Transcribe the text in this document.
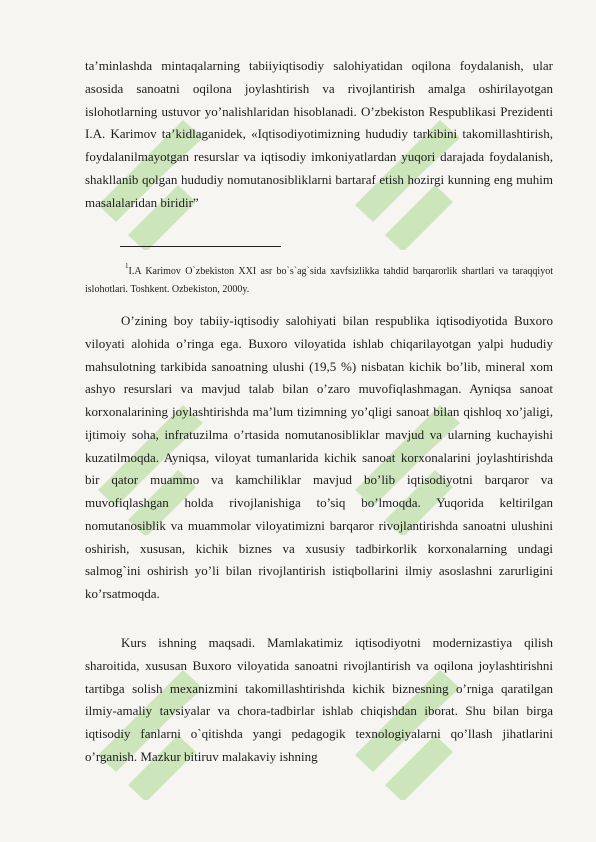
ta’minlashda mintaqalarning tabiiyiqtisodiy salohiyatidan oqilona foydalanish, ular asosida sanoatni oqilona joylashtirish va rivojlantirish amalga oshirilayotgan islohotlarning ustuvor yo’nalishlaridan hisoblanadi. O’zbekiston Respublikasi Prezidenti I.A. Karimov ta’kidlaganidek, «Iqtisodiyotimizning hududiy tarkibini takomillashtirish, foydalanilmayotgan resurslar va iqtisodiy imkoniyatlardan yuqori darajada foydalanish, shakllanib qolgan hududiy nomutanosibliklarni bartaraf etish hozirgi kunning eng muhim masalalaridan biridir”

$^1$I.A Karimov O`zbekiston XXI asr bo`s`ag`sida xavfsizlikka tahdid barqarorlik shartlari va taraqqiyot islohotlari. Toshkent. Ozbekiston, 2000y.

O’zining boy tabiiy-iqtisodiy salohiyati bilan respublika iqtisodiyotida Buxoro viloyati alohida o’ringa ega. Buxoro viloyatida ishlab chiqarilayotgan yalpi hududiy mahsulotning tarkibida sanoatning ulushi (19,5 %) nisbatan kichik bo’lib, mineral xom ashyo resurslari va mavjud talab bilan o’zaro muvofiqlashmagan. Ayniqsa sanoat korxonalarining joylashtirishda ma’lum tizimning yo’qligi sanoat bilan qishloq xo’jaligi, ijtimoiy soha, infratuzilma o’rtasida nomutanosibliklar mavjud va ularning kuchayishi kuzatilmoqda. Ayniqsa, viloyat tumanlarida kichik sanoat korxonalarini joylashtirishda bir qator muammo va kamchiliklar mavjud bo’lib iqtisodiyotni barqaror va muvofiqlashgan holda rivojlanishiga to’siq bo’lmoqda. Yuqorida keltirilgan nomutanosiblik va muammolar viloyatimizni barqaror rivojlantirishda sanoatni ulushini oshirish, xususan, kichik biznes va xususiy tadbirkorlik korxonalarning undagi salmog`ini oshirish yo’li bilan rivojlantirish istiqbollarini ilmiy asoslashni zarurligini ko’rsatmoqda.

Kurs ishning maqsadi. Mamlakatimiz iqtisodiyotni modernizastiya qilish sharoitida, xususan Buxoro viloyatida sanoatni rivojlantirish va oqilona joylashtirishni tartibga solish mexanizmini takomillashtirishda kichik biznesning o’rniga qaratilgan ilmiy-amaliy tavsiyalar va chora-tadbirlar ishlab chiqishdan iborat. Shu bilan birga iqtisodiy fanlarni o`qitishda yangi pedagogik texnologiyalarni qo’llash jihatlarini o’rganish. Mazkur bitiruv malakaviy ishning
